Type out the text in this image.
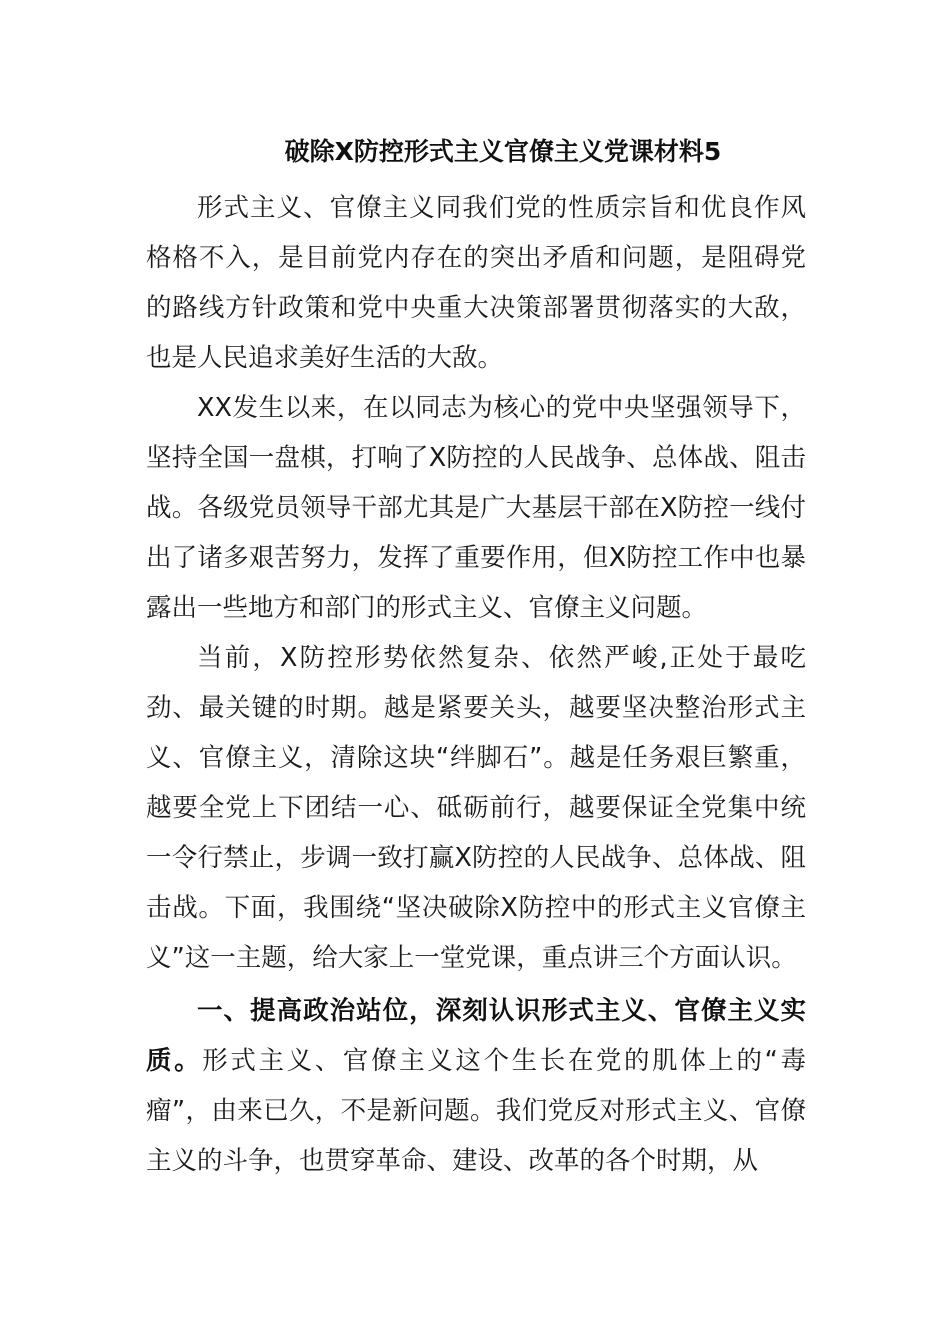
破除X防控形式主义官僚主义党课材料5

形式主义、官僚主义同我们党的性质宗旨和优良作风格格不入，是目前党内存在的突出矛盾和问题，是阻碍党的路线方针政策和党中央重大决策部署贯彻落实的大敌，也是人民追求美好生活的大敌。

XX发生以来，在以同志为核心的党中央坚强领导下，坚持全国一盘棋，打响了X防控的人民战争、总体战、阻击战。各级党员领导干部尤其是广大基层干部在X防控一线付出了诸多艰苦努力，发挥了重要作用，但X防控工作中也暴露出一些地方和部门的形式主义、官僚主义问题。

当前，X防控形势依然复杂、依然严峻,正处于最吃劲、最关键的时期。越是紧要关头，越要坚决整治形式主义、官僚主义，清除这块“绊脚石”。越是任务艰巨繁重，越要全党上下团结一心、砥砺前行，越要保证全党集中统一令行禁止，步调一致打赢X防控的人民战争、总体战、阻击战。下面，我围绕“坚决破除X防控中的形式主义官僚主义”这一主题，给大家上一堂党课，重点讲三个方面认识。

一、提高政治站位，深刻认识形式主义、官僚主义实质。形式主义、官僚主义这个生长在党的肌体上的“毒瘤”，由来已久，不是新问题。我们党反对形式主义、官僚主义的斗争，也贯穿革命、建设、改革的各个时期，从
